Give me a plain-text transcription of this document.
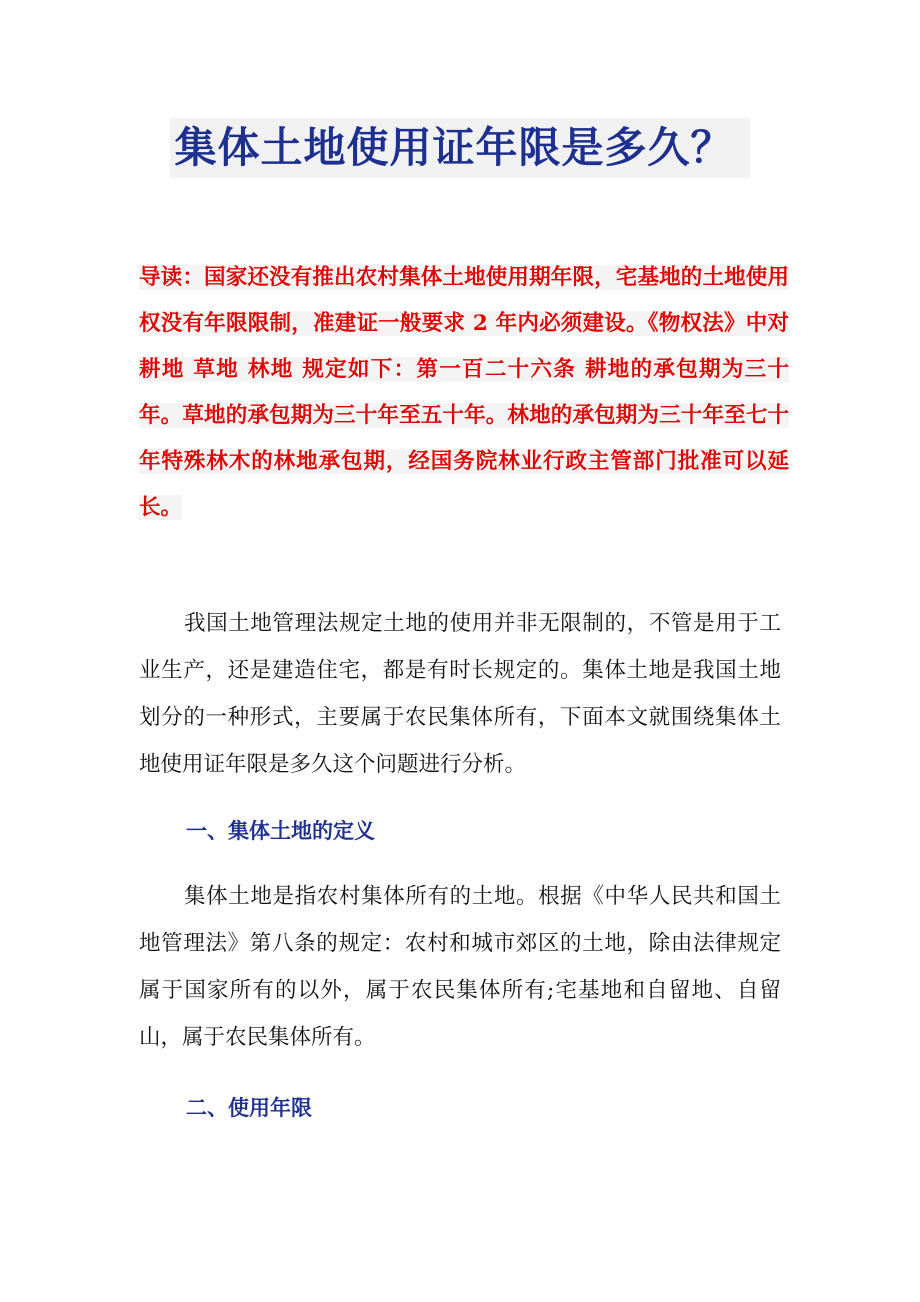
集体土地使用证年限是多久？

导读：国家还没有推出农村集体土地使用期年限，宅基地的土地使用权没有年限限制，准建证一般要求 2 年内必须建设。《物权法》中对 耕地 草地 林地 规定如下：第一百二十六条 耕地的承包期为三十年。草地的承包期为三十年至五十年。林地的承包期为三十年至七十年特殊林木的林地承包期，经国务院林业行政主管部门批准可以延长。

我国土地管理法规定土地的使用并非无限制的，不管是用于工业生产，还是建造住宅，都是有时长规定的。集体土地是我国土地划分的一种形式，主要属于农民集体所有，下面本文就围绕集体土地使用证年限是多久这个问题进行分析。

一、集体土地的定义

集体土地是指农村集体所有的土地。根据《中华人民共和国土地管理法》第八条的规定：农村和城市郊区的土地，除由法律规定属于国家所有的以外，属于农民集体所有;宅基地和自留地、自留山，属于农民集体所有。

二、使用年限
